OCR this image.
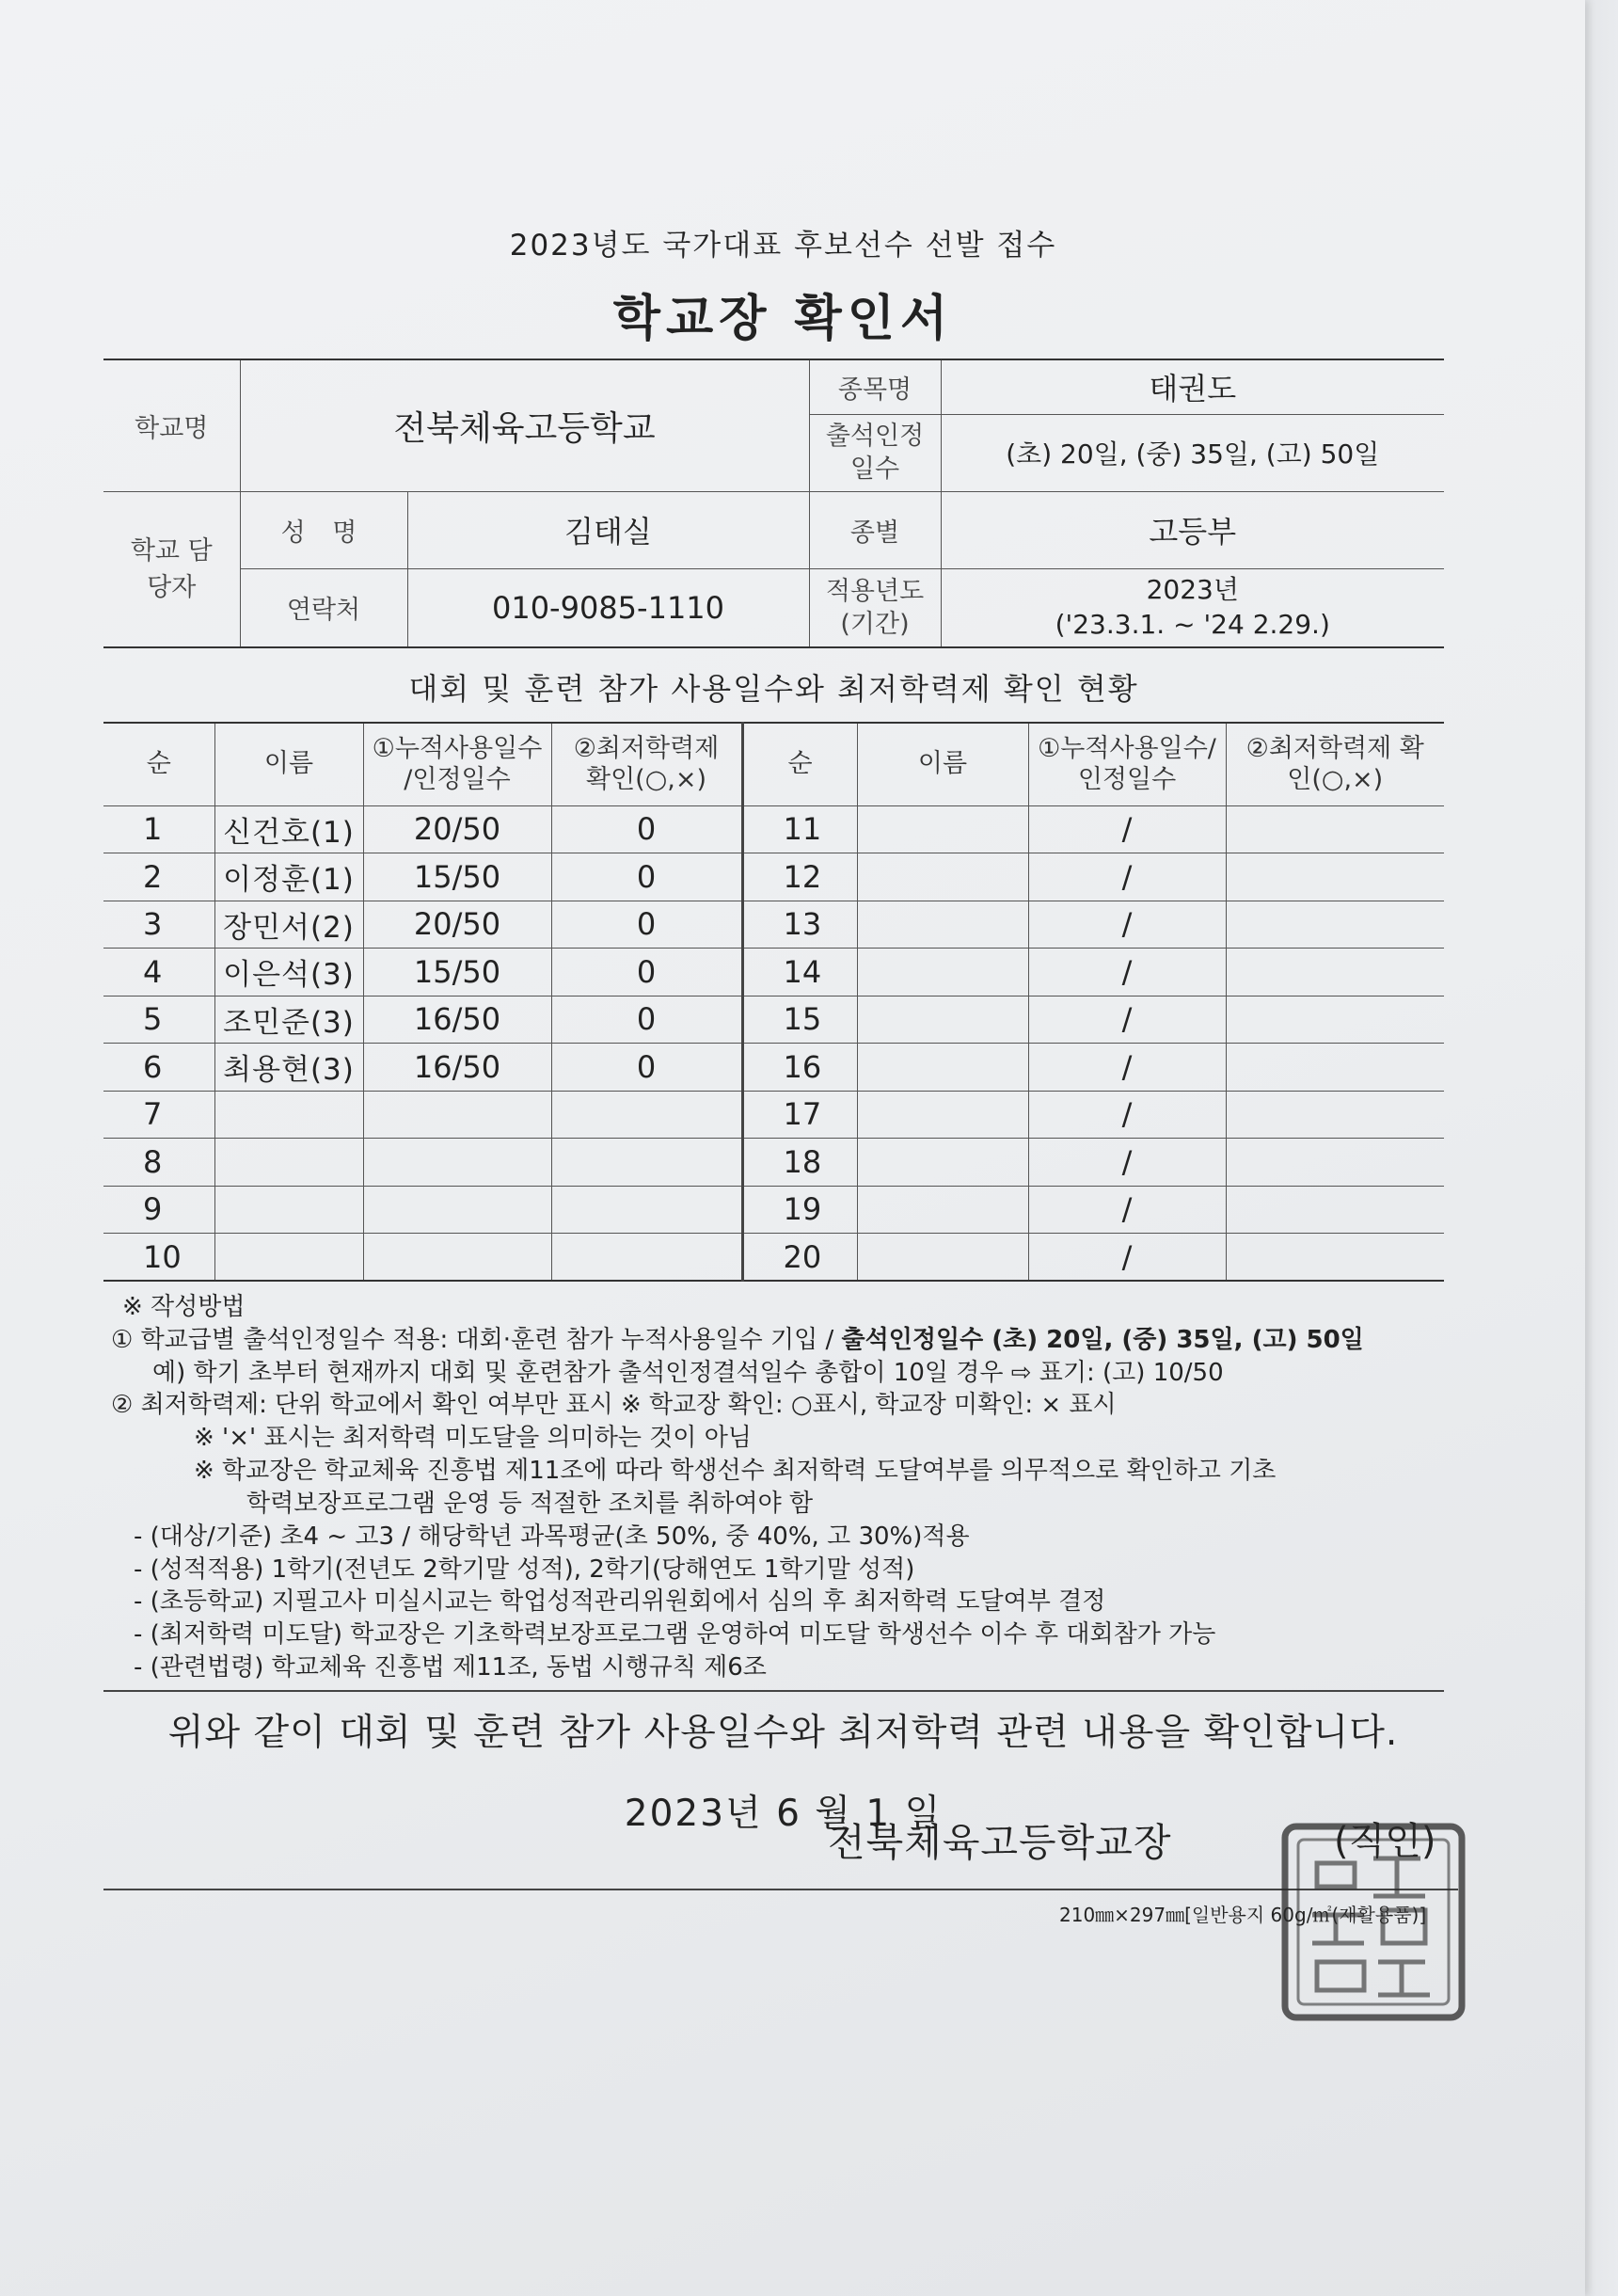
2023녕도 국가대표 후보선수 선발 접수
학교장 확인서
학교명	전북체육고등학교		종목명	태권도
			출석인정 일수	(초) 20일, (중) 35일, (고) 50일
학교 담당자	성 명	김태실	종별	고등부
	연락처	010-9085-1110	적용년도 (기간)	2023년
('23.3.1. ~ '24 2.29.)
대회 및 훈련 참가 사용일수와 최저학력제 확인 현황
순	이름	①누적사용일수 /인정일수	②최저학력제 확인(○,×)	순	이름	①누적사용일수/ 인정일수	②최저학력제 확인(○,×)
1	신건호(1)	20/50	0	11		/	
2	이정훈(1)	15/50	0	12		/	
3	장민서(2)	20/50	0	13		/	
4	이은석(3)	15/50	0	14		/	
5	조민준(3)	16/50	0	15		/	
6	최용현(3)	16/50	0	16		/	
7				17		/	
8				18		/	
9				19		/	
10				20		/	
※ 작성방법
① 학교급별 출석인정일수 적용: 대회·훈련 참가 누적사용일수 기입 / 출석인정일수 (초) 20일, (중) 35일, (고) 50일
예) 학기 초부터 현재까지 대회 및 훈련참가 출석인정결석일수 총합이 10일 경우 ⇨ 표기: (고) 10/50
② 최저학력제: 단위 학교에서 확인 여부만 표시 ※ 학교장 확인: ○표시, 학교장 미확인: × 표시
※ '×' 표시는 최저학력 미도달을 의미하는 것이 아님
※ 학교장은 학교체육 진흥법 제11조에 따라 학생선수 최저학력 도달여부를 의무적으로 확인하고 기초
학력보장프로그램 운영 등 적절한 조치를 취하여야 함
- (대상/기준) 초4 ~ 고3 / 해당학년 과목평균(초 50%, 중 40%, 고 30%)적용
- (성적적용) 1학기(전년도 2학기말 성적), 2학기(당해연도 1학기말 성적)
- (초등학교) 지필고사 미실시교는 학업성적관리위원회에서 심의 후 최저학력 도달여부 결정
- (최저학력 미도달) 학교장은 기초학력보장프로그램 운영하여 미도달 학생선수 이수 후 대회참가 가능
- (관련법령) 학교체육 진흥법 제11조, 동법 시행규칙 제6조
위와 같이 대회 및 훈련 참가 사용일수와 최저학력 관련 내용을 확인합니다.
2023년 6 월 1 일
전북체육고등학교장	(직인)
210㎜×297㎜[일반용지 60g/㎡(재활용품)]
